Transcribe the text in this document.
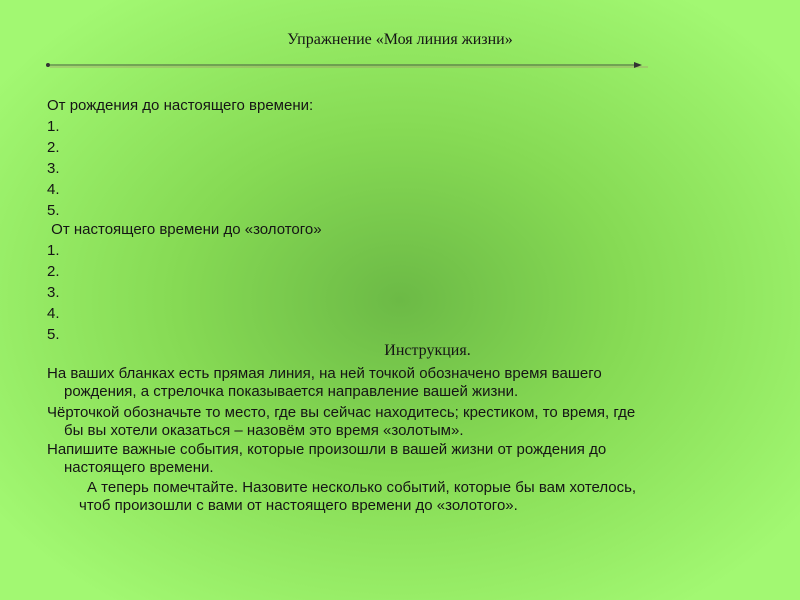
Упражнение «Моя линия жизни»
От рождения до настоящего времени:
1.
2.
3.
4.
5.
От настоящего времени до «золотого»
1.
2.
3.
4.
5.
Инструкция.
На ваших бланках есть прямая линия, на ней точкой обозначено время вашего
рождения, а стрелочка показывается направление вашей жизни.
Чёрточкой обозначьте то место, где вы сейчас находитесь; крестиком, то время, где
бы вы хотели оказаться – назовём это время «золотым».
Напишите важные события, которые произошли в вашей жизни от рождения до
настоящего времени.
А теперь помечтайте. Назовите несколько событий, которые бы вам хотелось,
чтоб произошли с вами от настоящего времени до «золотого».
